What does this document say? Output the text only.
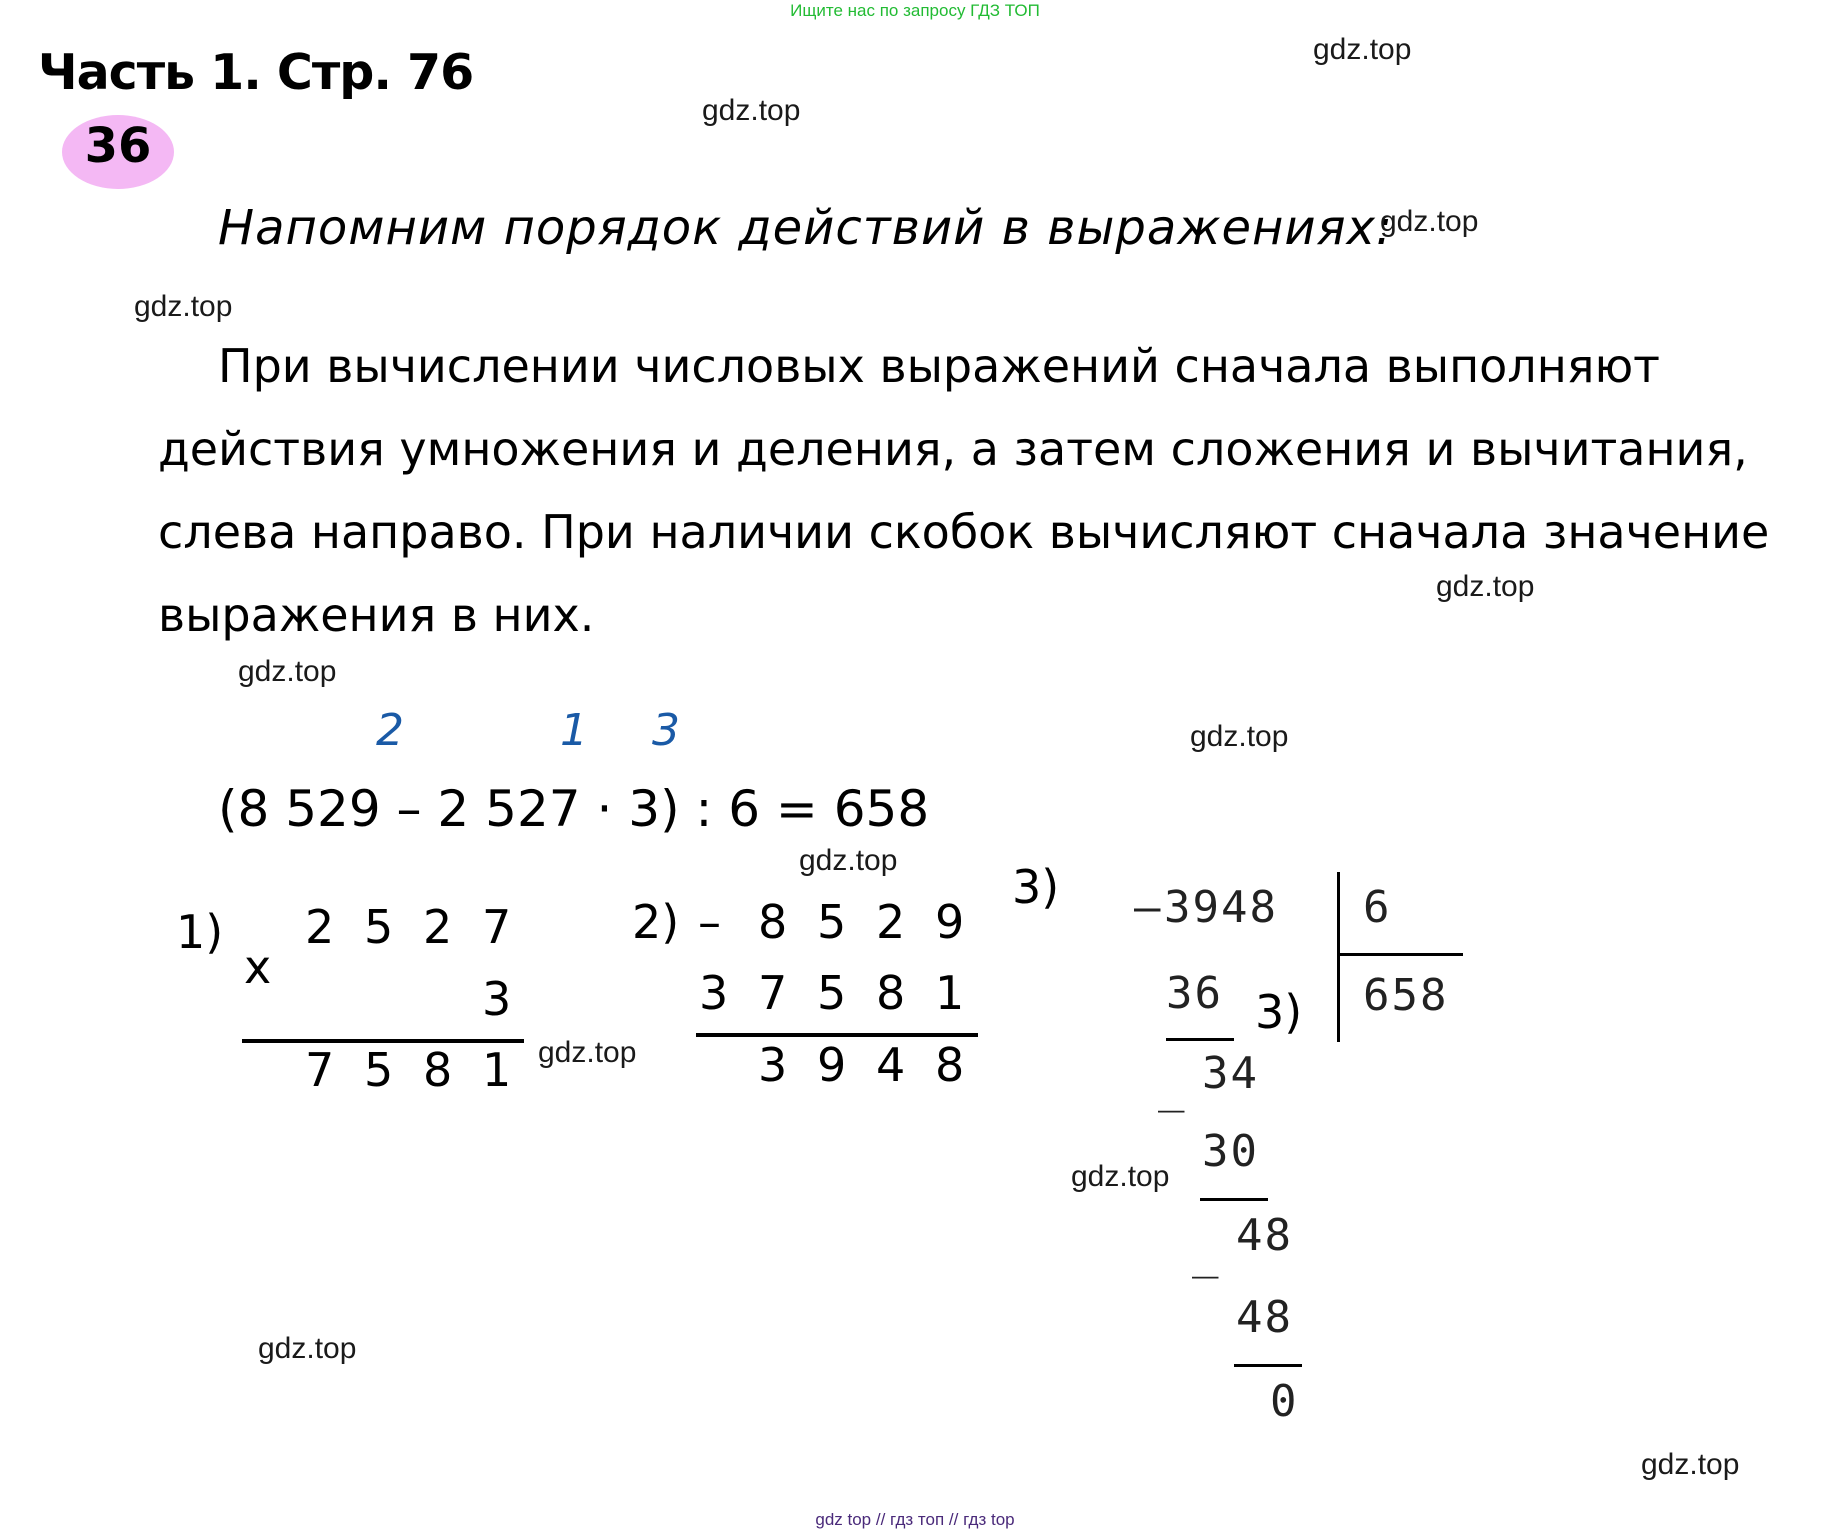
Ищите нас по запросу ГДЗ ТОП
Часть 1. Стр. 76
36
Напомним порядок действий в выражениях:

При вычислении числовых выражений сначала выполняют

действия умножения и деления, а затем сложения и вычитания,

слева направо. При наличии скобок вычисляют сначала значение

выражения в них.

2	1 3
(8 529 – 2 527 · 3) : 6 = 658
1)
x
2 5 2 7
3
7 5 8 1
2) – 8 5 2 9
3 7 5 8 1
3 9 4 8
3) – 3948 6
658
36 3)
_ 34
30
_ 48
48
0
gdz.top
gdz.top
gdz.top
gdz.top
gdz.top
gdz.top
gdz.top
gdz.top
gdz.top
gdz.top
gdz.top
gdz.top
gdz top // гдз топ // гдз top
